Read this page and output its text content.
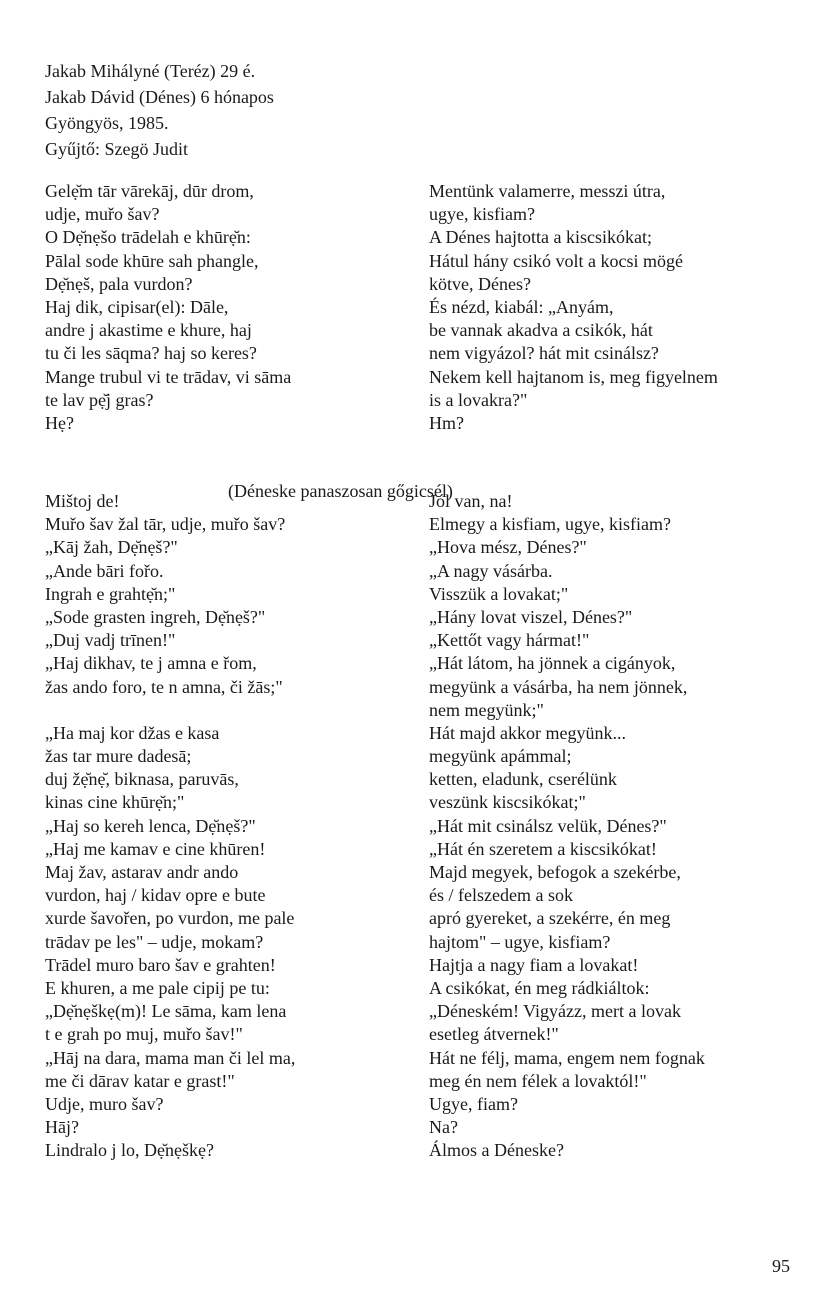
Jakab Mihályné (Teréz) 29 é.
Jakab Dávid (Dénes) 6 hónapos
Gyöngyös, 1985.
Gyűjtő: Szegö Judit
Gelẹ̆m tār vārekāj, dūr drom,
udje, muřo šav?
O Dẹ̆nẹšo trādelah e khūrẹ̆n:
Pālal sode khūre sah phangle,
Dẹ̆nẹš, pala vurdon?
Haj dik, cipisar(el): Dāle,
andre j akastime e khure, haj
tu či les sāqma? haj so keres?
Mange trubul vi te trādav, vi sāma
te lav pẹ̆j gras?
Hẹ?
Mentünk valamerre, messzi útra,
ugye, kisfiam?
A Dénes hajtotta a kiscsikókat;
Hátul hány csikó volt a kocsi mögé
kötve, Dénes?
És nézd, kiabál: „Anyám,
be vannak akadva a csikók, hát
nem vigyázol? hát mit csinálsz?
Nekem kell hajtanom is, meg figyelnem
is a lovakra?"
Hm?
(Déneske panaszosan gőgicsél)
Mištoj de!
Muřo šav žal tār, udje, muřo šav?
„Kāj žah, Dẹ̆nẹš?"
„Ande bāri fořo.
Ingrah e grahtẹ̆n;"
„Sode grasten ingreh, Dẹ̆nẹš?"
„Duj vadj trīnen!"
„Haj dikhav, te j amna e řom,
žas ando foro, te n amna, či žās;"
„Ha maj kor džas e kasa
žas tar mure dadesā;
duj žẹ̆nẹ̆, biknasa, paruvās,
kinas cine khūrẹ̆n;"
„Haj so kereh lenca, Dẹ̆nẹš?"
„Haj me kamav e cine khūren!
Maj žav, astarav andr ando
vurdon, haj / kidav opre e bute
xurde šavořen, po vurdon, me pale
trādav pe les" – udje, mokam?
Trādel muro baro šav e grahten!
E khuren, a me pale cipij pe tu:
„Dẹ̆nẹškẹ(m)! Le sāma, kam lena
t e grah po muj, muřo šav!"
„Hāj na dara, mama man či lel ma,
me či dārav katar e grast!"
Udje, muro šav?
Hāj?
Lindralo j lo, Dẹ̆nẹškẹ?
Jól van, na!
Elmegy a kisfiam, ugye, kisfiam?
„Hova mész, Dénes?"
„A nagy vásárba.
Visszük a lovakat;"
„Hány lovat viszel, Dénes?"
„Kettőt vagy hármat!"
„Hát látom, ha jönnek a cigányok,
megyünk a vásárba, ha nem jönnek,
nem megyünk;"
Hát majd akkor megyünk...
megyünk apámmal;
ketten, eladunk, cserélünk
veszünk kiscsikókat;"
„Hát mit csinálsz velük, Dénes?"
„Hát én szeretem a kiscsikókat!
Majd megyek, befogok a szekérbe,
és / felszedem a sok
apró gyereket, a szekérre, én meg
hajtom" – ugye, kisfiam?
Hajtja a nagy fiam a lovakat!
A csikókat, én meg rádkiáltok:
„Déneském! Vigyázz, mert a lovak
esetleg átvernek!"
Hát ne félj, mama, engem nem fognak
meg én nem félek a lovaktól!"
Ugye, fiam?
Na?
Álmos a Déneske?
95
